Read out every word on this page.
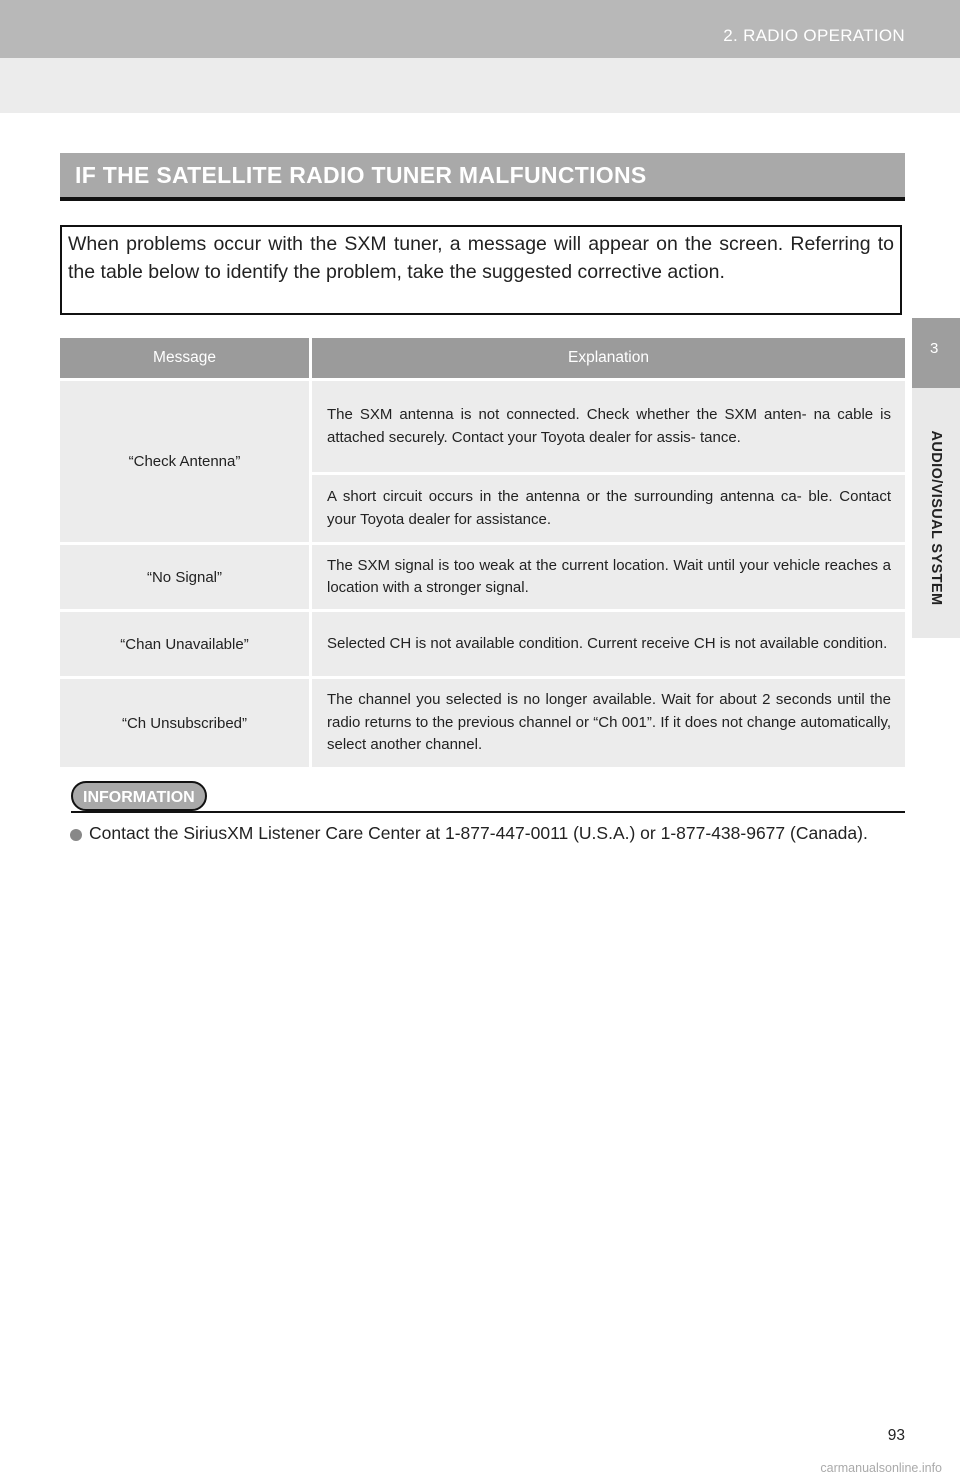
2. RADIO OPERATION
3
AUDIO/VISUAL SYSTEM
IF THE SATELLITE RADIO TUNER MALFUNCTIONS
When problems occur with the SXM tuner, a message will appear on the screen. Referring to the table below to identify the problem, take the suggested corrective action.
Message	Explanation
“Check Antenna”	The SXM antenna is not connected. Check whether the SXM anten- na cable is attached securely. Contact your Toyota dealer for assis- tance.
	A short circuit occurs in the antenna or the surrounding antenna ca- ble. Contact your Toyota dealer for assistance.
“No Signal”	The SXM signal is too weak at the current location. Wait until your vehicle reaches a location with a stronger signal.
“Chan Unavailable”	Selected CH is not available condition. Current receive CH is not available condition.
“Ch Unsubscribed”	The channel you selected is no longer available. Wait for about 2 seconds until the radio returns to the previous channel or “Ch 001”. If it does not change automatically, select another channel.
INFORMATION
Contact the SiriusXM Listener Care Center at 1-877-447-0011 (U.S.A.) or 1-877-438-9677 (Canada).
93
carmanualsonline.info
